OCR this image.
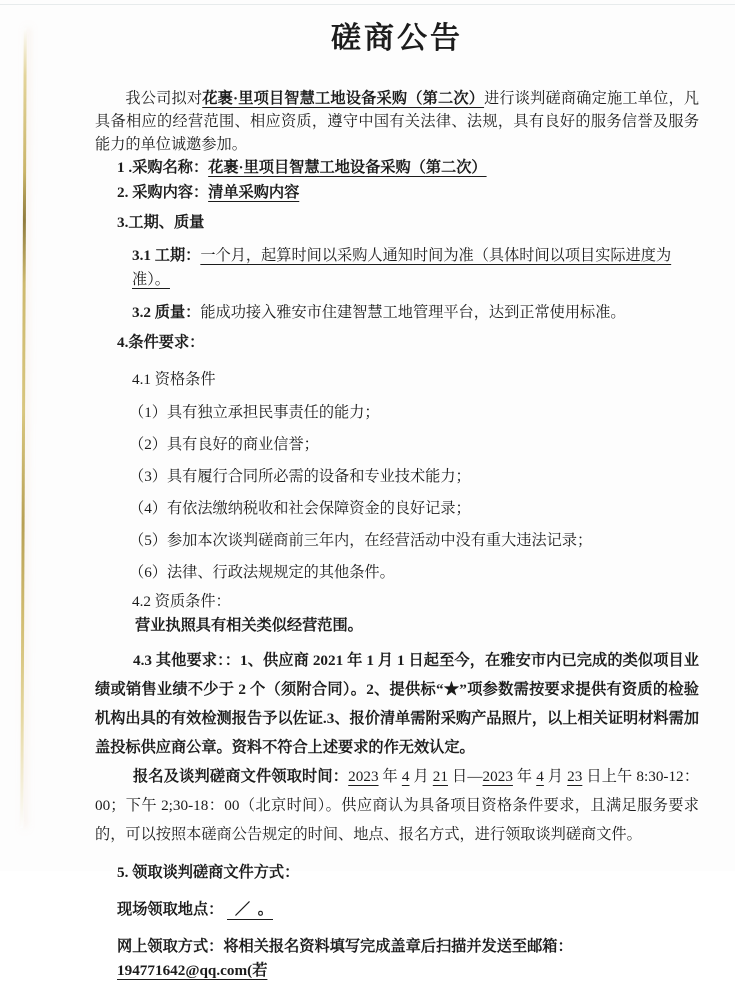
磋商公告

我公司拟对花裹·里项目智慧工地设备采购（第二次）进行谈判磋商确定施工单位，凡具备相应的经营范围、相应资质，遵守中国有关法律、法规，具有良好的服务信誉及服务能力的单位诚邀参加。

1 .采购名称：花裹·里项目智慧工地设备采购（第二次）
2. 采购内容：清单采购内容
3.工期、质量
3.1 工期：一个月，起算时间以采购人通知时间为准（具体时间以项目实际进度为准）。
3.2 质量：能成功接入雅安市住建智慧工地管理平台，达到正常使用标准。
4.条件要求：
4.1 资格条件
（1）具有独立承担民事责任的能力；
（2）具有良好的商业信誉；
（3）具有履行合同所必需的设备和专业技术能力；
（4）有依法缴纳税收和社会保障资金的良好记录；
（5）参加本次谈判磋商前三年内，在经营活动中没有重大违法记录；
（6）法律、行政法规规定的其他条件。
4.2 资质条件：
营业执照具有相关类似经营范围。

4.3 其他要求：：1、供应商 2021 年 1 月 1 日起至今，在雅安市内已完成的类似项目业绩或销售业绩不少于 2 个（须附合同）。2、提供标“★”项参数需按要求提供有资质的检验机构出具的有效检测报告予以佐证.3、报价清单需附采购产品照片，以上相关证明材料需加盖投标供应商公章。资料不符合上述要求的作无效认定。

报名及谈判磋商文件领取时间：2023 年 4 月 21 日—2023 年 4 月 23 日上午 8:30-12：00；下午 2;30-18：00（北京时间）。供应商认为具备项目资格条件要求，且满足服务要求的，可以按照本磋商公告规定的时间、地点、报名方式，进行领取谈判磋商文件。

5. 领取谈判磋商文件方式：
现场领取地点：  ／  。
网上领取方式：将相关报名资料填写完成盖章后扫描并发送至邮箱：194771642@qq.com(若
